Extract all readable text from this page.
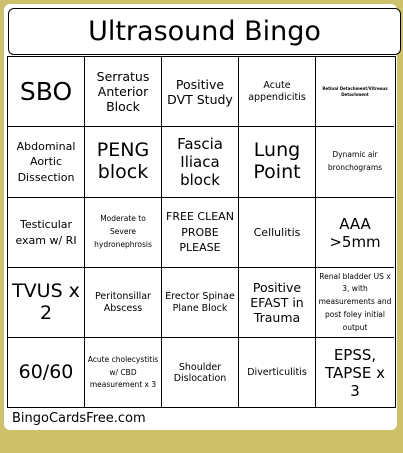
Ultrasound Bingo
SBO	Serratus Anterior Block
Positive DVT Study
Acute appendicitis
Retinal Detachment/Vitreous Detachment
Abdominal Aortic Dissection
PENG block
Fascia Iliaca block
Lung Point
Dynamic air bronchograms
Testicular exam w/ RI
Moderate to Severe hydronephrosis
FREE CLEAN PROBE PLEASE
Cellulitis	AAA >5mm
TVUS x 2
Peritonsillar Abscess
Erector Spinae Plane Block
Positive EFAST in Trauma
Renal bladder US x 3, with measurements and post foley initial output
60/60
Acute cholecystitis w/ CBD measurement x 3
Shoulder Dislocation
Diverticulitis
EPSS, TAPSE x 3
BingoCardsFree.com
